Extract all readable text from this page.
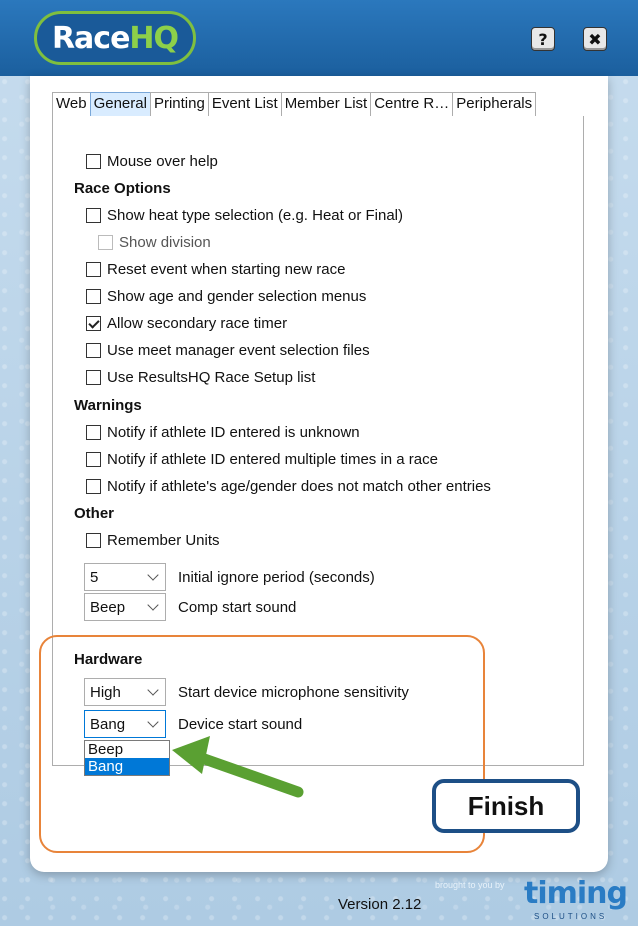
Race HQ	?	✖
Web General Printing Event List Member List Centre R… Peripherals
Mouse over help
Race Options
Show heat type selection (e.g. Heat or Final)
Show division
Reset event when starting new race
Show age and gender selection menus
Allow secondary race timer
Use meet manager event selection files
Use ResultsHQ Race Setup list
Warnings
Notify if athlete ID entered is unknown
Notify if athlete ID entered multiple times in a race
Notify if athlete's age/gender does not match other entries
Other
Remember Units
5	Initial ignore period (seconds)
Beep	Comp start sound
Hardware
High	Start device microphone sensitivity
Bang	Device start sound
Beep
Bang
Finish
Version 2.12
brought to you by timing
SOLUTIONS
